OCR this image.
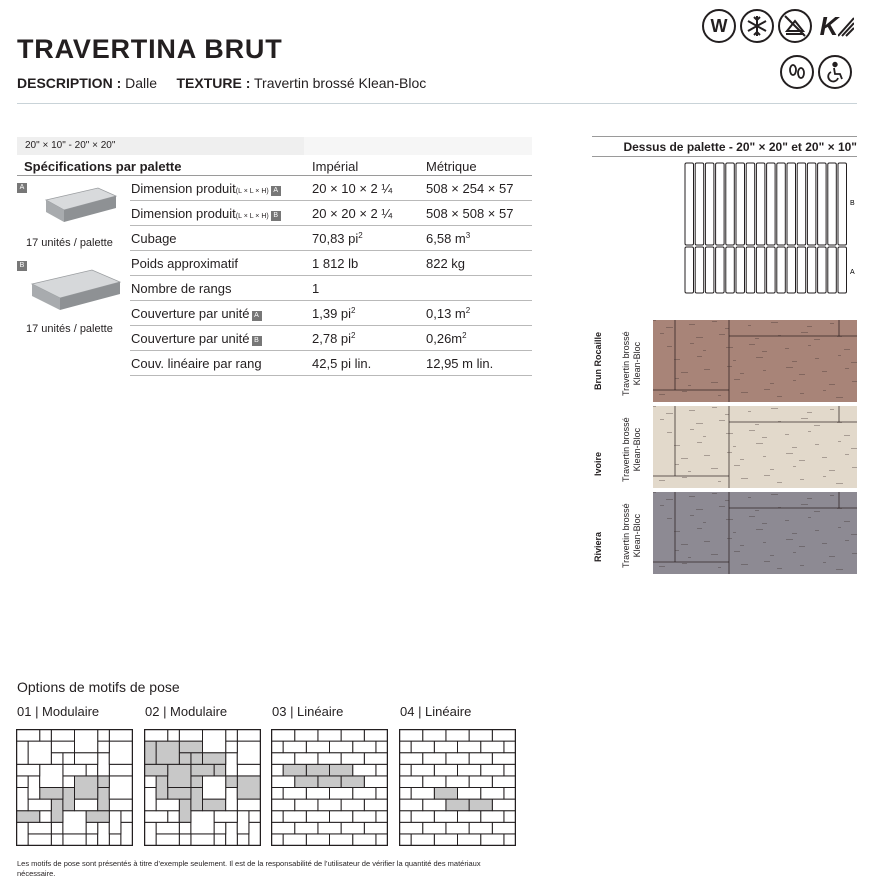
TRAVERTINA BRUT
DESCRIPTION : Dalle TEXTURE : Travertin brossé Klean-Bloc
W	K
20" × 10" - 20" × 20"
Spécifications par palette	Impérial	Métrique
Dimension produit(L × L × H) A	20 × 10 × 2 ¼	508 × 254 × 57
Dimension produit(L × L × H) B	20 × 20 × 2 ¼	508 × 508 × 57
Cubage	70,83 $pi^2$	6,58 $m^3$
Poids approximatif	1 812 lb	822 kg
Nombre de rangs	1
Couverture par unité A	1,39 $pi^2$	0,13 $m^2$
Couverture par unité B	2,78 $pi^2$	$0,26m^2$
Couv. linéaire par rang	42,5 pi lin.	12,95 m lin.
A
17 unités / palette
B
17 unités / palette
Dessus de palette - 20" × 20" et 20" × 10"
B
A
Brun Rocaille Travertin brossé Klean-Bloc
Ivoire Travertin brossé Klean-Bloc
Riviera Travertin brossé Klean-Bloc
Options de motifs de pose
01 | Modulaire	02 | Modulaire	03 | Linéaire	04 | Linéaire
Les motifs de pose sont présentés à titre d’exemple seulement. Il est de la responsabilité de l’utilisateur de vérifier la quantité des matériaux nécessaire.
